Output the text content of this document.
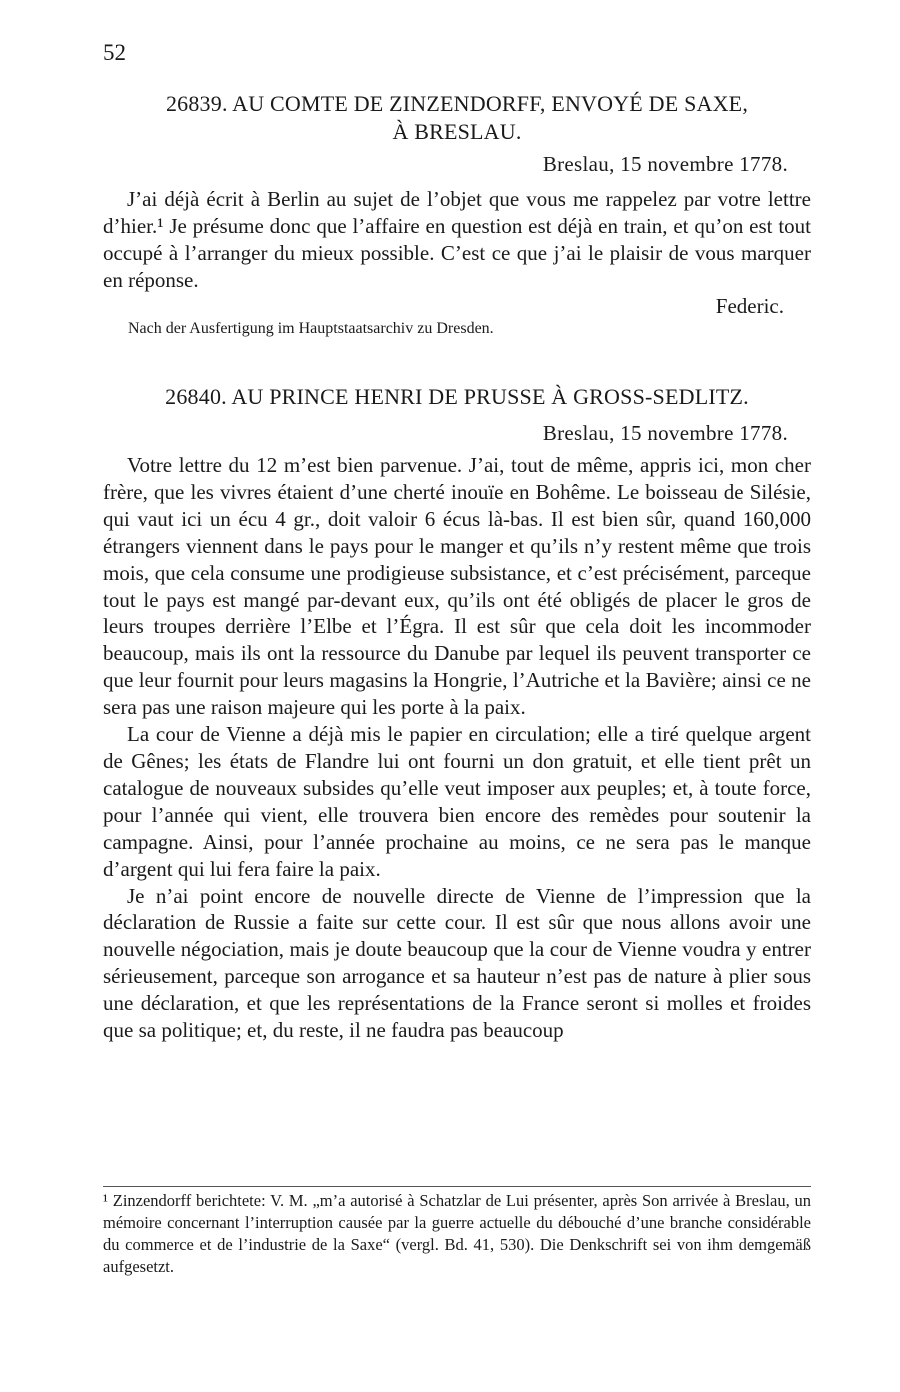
52
26839. AU COMTE DE ZINZENDORFF, ENVOYÉ DE SAXE,
À BRESLAU.
Breslau, 15 novembre 1778.

J’ai déjà écrit à Berlin au sujet de l’objet que vous me rappelez par votre lettre d’hier.¹ Je présume donc que l’affaire en question est déjà en train, et qu’on est tout occupé à l’arranger du mieux possible. C’est ce que j’ai le plaisir de vous marquer en réponse.

Federic.
Nach der Ausfertigung im Hauptstaatsarchiv zu Dresden.
26840. AU PRINCE HENRI DE PRUSSE À GROSS-SEDLITZ.
Breslau, 15 novembre 1778.

Votre lettre du 12 m’est bien parvenue. J’ai, tout de même, appris ici, mon cher frère, que les vivres étaient d’une cherté inouïe en Bohême. Le boisseau de Silésie, qui vaut ici un écu 4 gr., doit valoir 6 écus là-bas. Il est bien sûr, quand 160,000 étrangers viennent dans le pays pour le manger et qu’ils n’y restent même que trois mois, que cela consume une prodigieuse subsistance, et c’est précisément, parceque tout le pays est mangé par-devant eux, qu’ils ont été obligés de placer le gros de leurs troupes derrière l’Elbe et l’Égra. Il est sûr que cela doit les incommoder beaucoup, mais ils ont la ressource du Danube par lequel ils peuvent transporter ce que leur fournit pour leurs magasins la Hongrie, l’Autriche et la Bavière; ainsi ce ne sera pas une raison majeure qui les porte à la paix.

La cour de Vienne a déjà mis le papier en circulation; elle a tiré quelque argent de Gênes; les états de Flandre lui ont fourni un don gratuit, et elle tient prêt un catalogue de nouveaux subsides qu’elle veut imposer aux peuples; et, à toute force, pour l’année qui vient, elle trouvera bien encore des remèdes pour soutenir la campagne. Ainsi, pour l’année prochaine au moins, ce ne sera pas le manque d’argent qui lui fera faire la paix.

Je n’ai point encore de nouvelle directe de Vienne de l’impression que la déclaration de Russie a faite sur cette cour. Il est sûr que nous allons avoir une nouvelle négociation, mais je doute beaucoup que la cour de Vienne voudra y entrer sérieusement, parceque son arrogance et sa hauteur n’est pas de nature à plier sous une déclaration, et que les représentations de la France seront si molles et froides que sa politique; et, du reste, il ne faudra pas beaucoup

¹ Zinzendorff berichtete: V. M. „m’a autorisé à Schatzlar de Lui présenter, après Son arrivée à Breslau, un mémoire concernant l’interruption causée par la guerre actuelle du débouché d’une branche considérable du commerce et de l’industrie de la Saxe“ (vergl. Bd. 41, 530). Die Denkschrift sei von ihm demgemäß aufgesetzt.
